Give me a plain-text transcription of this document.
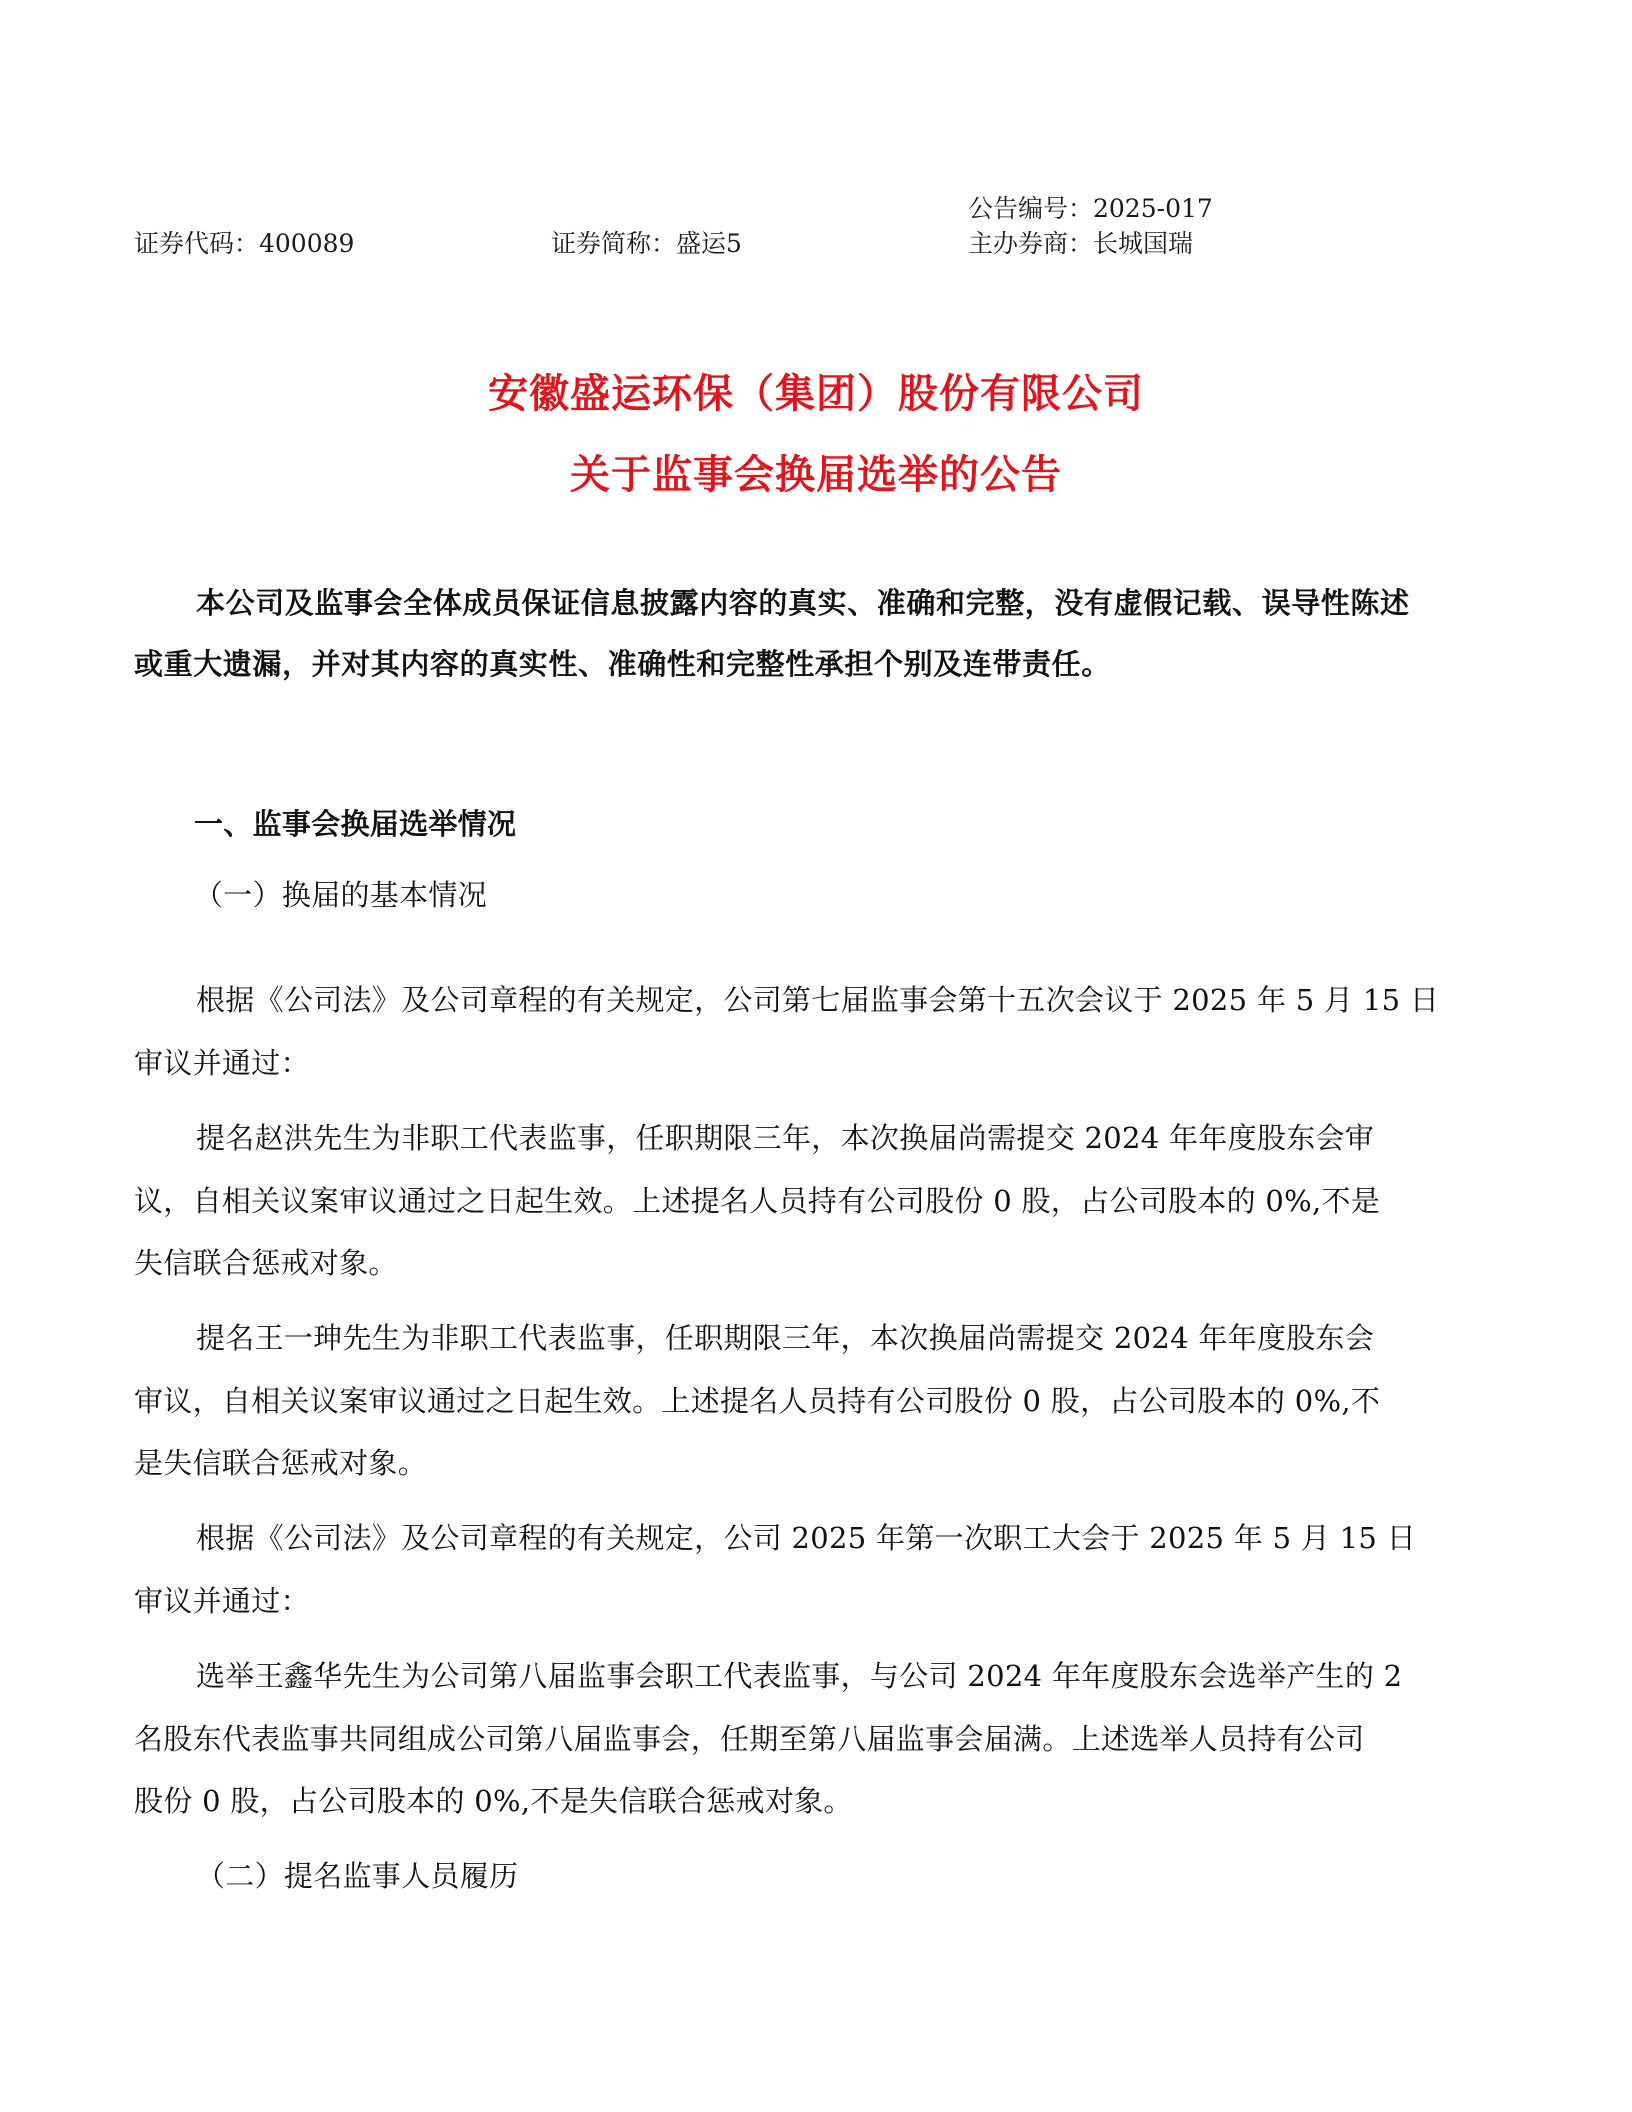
公告编号：2025-017
证券代码：400089	证券简称：盛运5	主办券商：长城国瑞
安徽盛运环保（集团）股份有限公司
关于监事会换届选举的公告
本公司及监事会全体成员保证信息披露内容的真实、准确和完整，没有虚假记载、误导性陈述
或重大遗漏，并对其内容的真实性、准确性和完整性承担个别及连带责任。
一、监事会换届选举情况
（一）换届的基本情况
根据《公司法》及公司章程的有关规定，公司第七届监事会第十五次会议于 2025 年 5 月 15 日
审议并通过：
提名赵洪先生为非职工代表监事，任职期限三年，本次换届尚需提交 2024 年年度股东会审
议，自相关议案审议通过之日起生效。上述提名人员持有公司股份 0 股，占公司股本的 0%,不是
失信联合惩戒对象。
提名王一珅先生为非职工代表监事，任职期限三年，本次换届尚需提交 2024 年年度股东会
审议，自相关议案审议通过之日起生效。上述提名人员持有公司股份 0 股，占公司股本的 0%,不
是失信联合惩戒对象。
根据《公司法》及公司章程的有关规定，公司 2025 年第一次职工大会于 2025 年 5 月 15 日
审议并通过：
选举王鑫华先生为公司第八届监事会职工代表监事，与公司 2024 年年度股东会选举产生的 2
名股东代表监事共同组成公司第八届监事会，任期至第八届监事会届满。上述选举人员持有公司
股份 0 股，占公司股本的 0%,不是失信联合惩戒对象。
（二）提名监事人员履历
